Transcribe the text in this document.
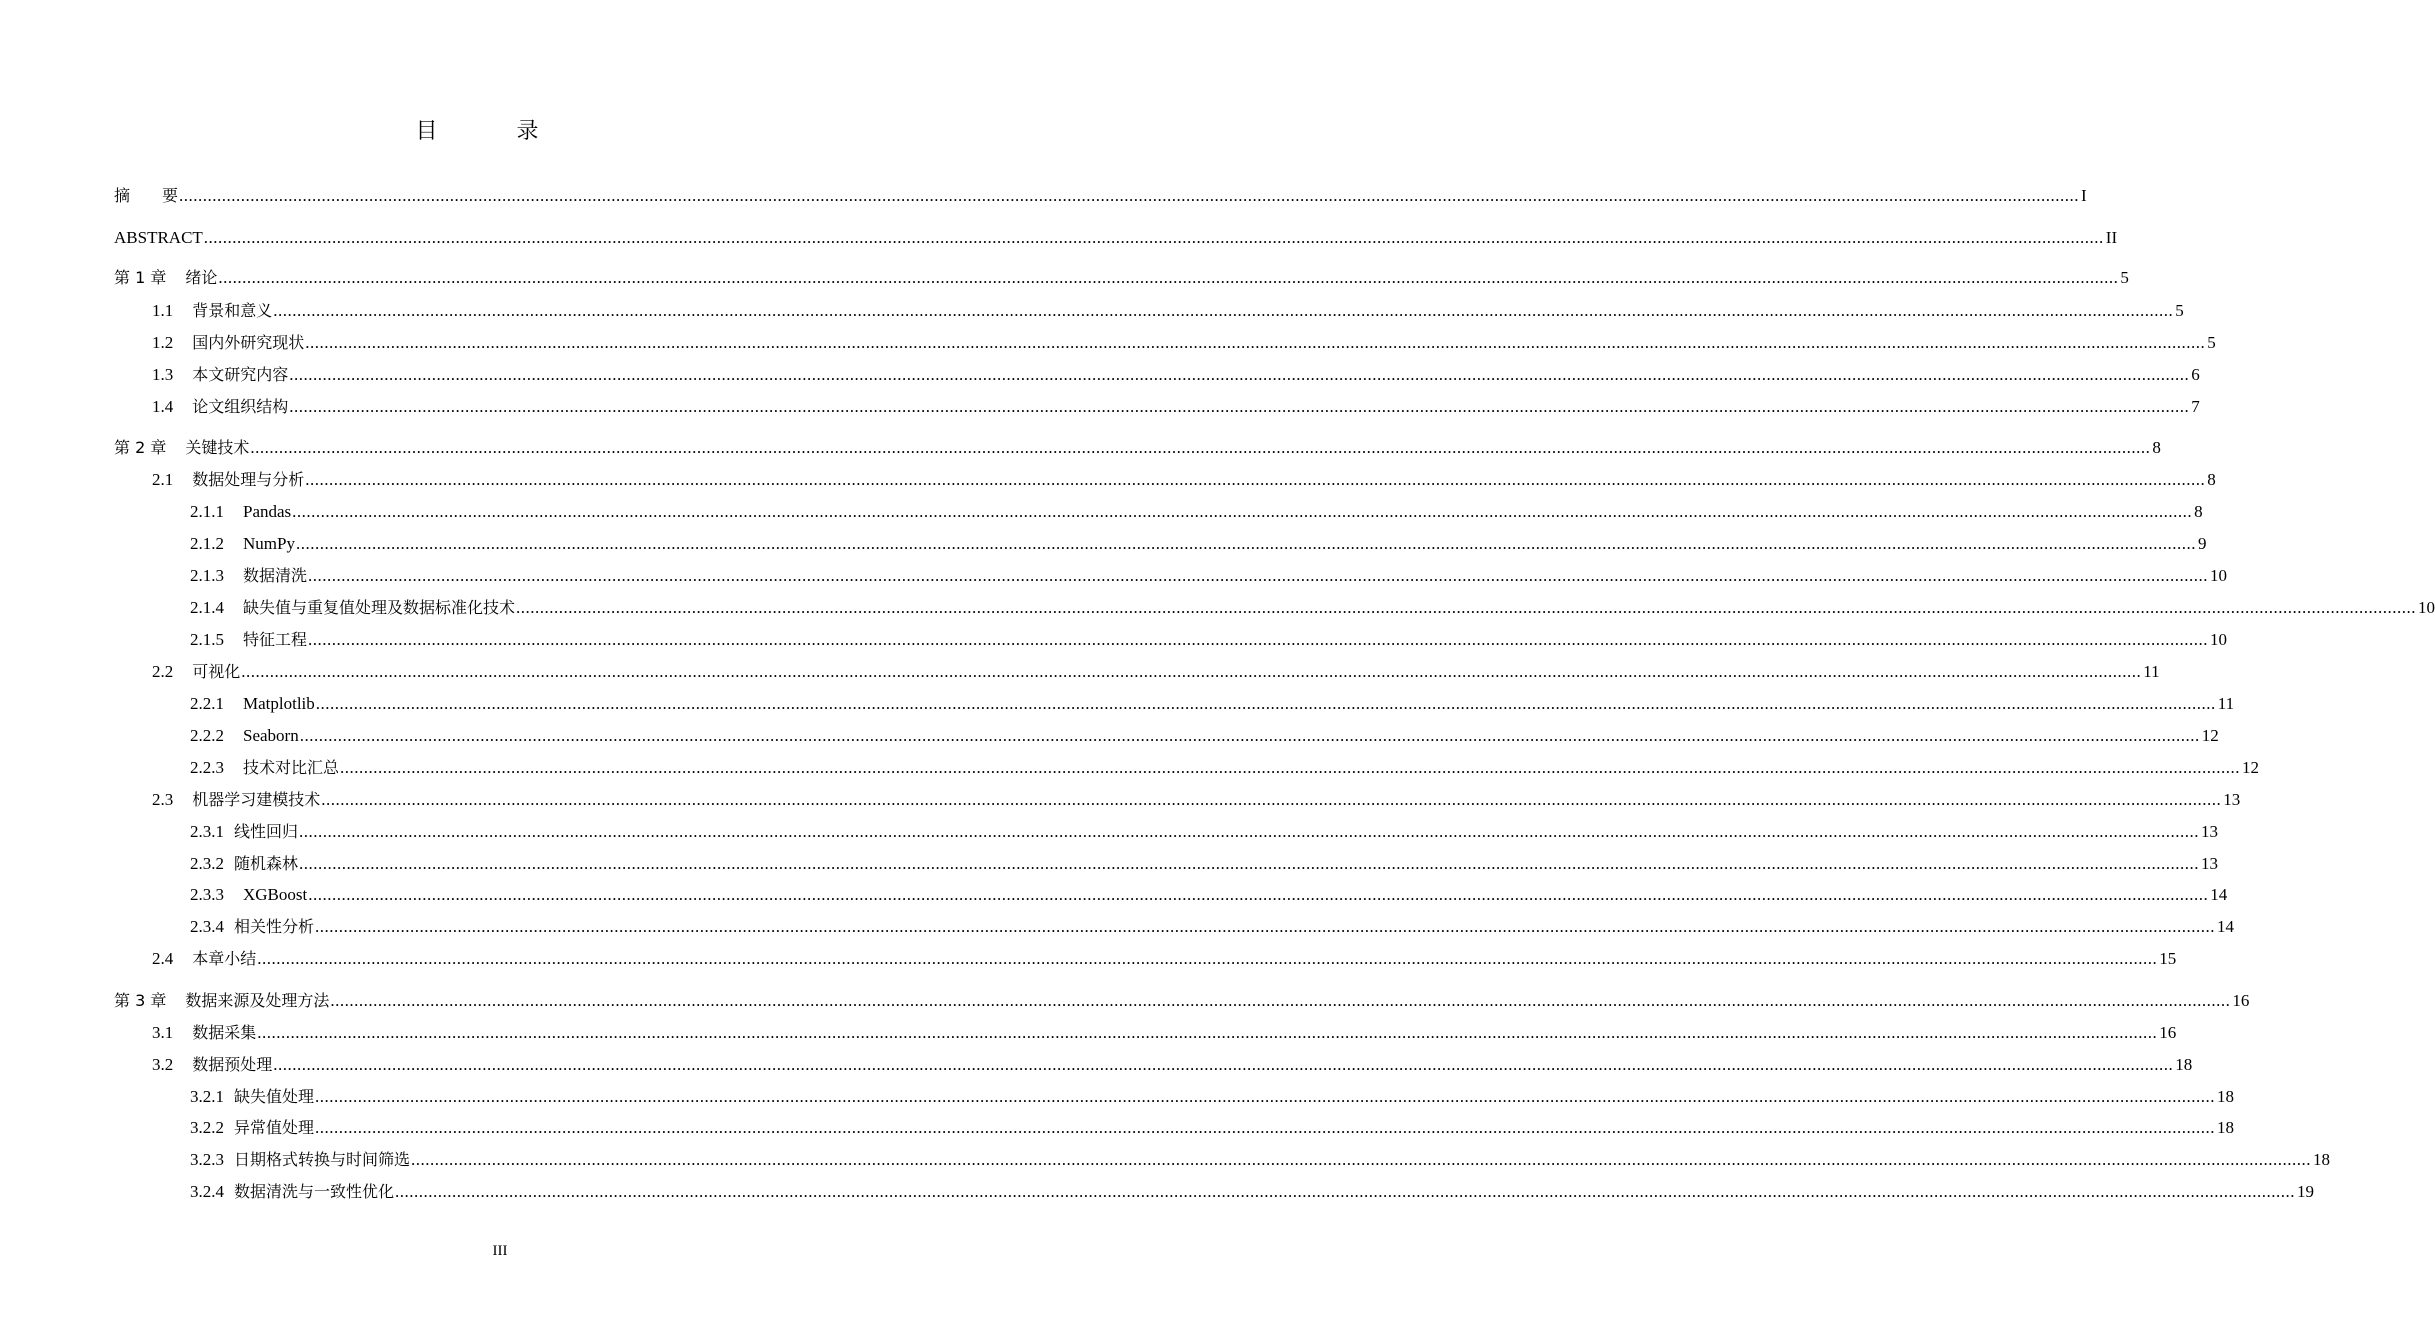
目 录
摘　　要 ................................................................................................................................................................................................................................................................................................................................................................................................................ I
ABSTRACT ................................................................................................................................................................................................................................................................................................................................................................................................................ II
第 1 章 绪论 ................................................................................................................................................................................................................................................................................................................................................................................................................ 5
1.1 背景和意义 ................................................................................................................................................................................................................................................................................................................................................................................................................ 5
1.2 国内外研究现状 ................................................................................................................................................................................................................................................................................................................................................................................................................ 5
1.3 本文研究内容 ................................................................................................................................................................................................................................................................................................................................................................................................................ 6
1.4 论文组织结构 ................................................................................................................................................................................................................................................................................................................................................................................................................ 7
第 2 章 关键技术 ................................................................................................................................................................................................................................................................................................................................................................................................................ 8
2.1 数据处理与分析 ................................................................................................................................................................................................................................................................................................................................................................................................................ 8
2.1.1 Pandas ................................................................................................................................................................................................................................................................................................................................................................................................................ 8
2.1.2 NumPy ................................................................................................................................................................................................................................................................................................................................................................................................................ 9
2.1.3 数据清洗 ................................................................................................................................................................................................................................................................................................................................................................................................................ 10
2.1.4 缺失值与重复值处理及数据标准化技术 ................................................................................................................................................................................................................................................................................................................................................................................................................ 10
2.1.5 特征工程 ................................................................................................................................................................................................................................................................................................................................................................................................................ 10
2.2 可视化 ................................................................................................................................................................................................................................................................................................................................................................................................................ 11
2.2.1 Matplotlib ................................................................................................................................................................................................................................................................................................................................................................................................................ 11
2.2.2 Seaborn ................................................................................................................................................................................................................................................................................................................................................................................................................ 12
2.2.3 技术对比汇总 ................................................................................................................................................................................................................................................................................................................................................................................................................ 12
2.3 机器学习建模技术 ................................................................................................................................................................................................................................................................................................................................................................................................................ 13
2.3.1 线性回归 ................................................................................................................................................................................................................................................................................................................................................................................................................ 13
2.3.2 随机森林 ................................................................................................................................................................................................................................................................................................................................................................................................................ 13
2.3.3 XGBoost ................................................................................................................................................................................................................................................................................................................................................................................................................ 14
2.3.4 相关性分析 ................................................................................................................................................................................................................................................................................................................................................................................................................ 14
2.4 本章小结 ................................................................................................................................................................................................................................................................................................................................................................................................................ 15
第 3 章 数据来源及处理方法 ................................................................................................................................................................................................................................................................................................................................................................................................................ 16
3.1 数据采集 ................................................................................................................................................................................................................................................................................................................................................................................................................ 16
3.2 数据预处理 ................................................................................................................................................................................................................................................................................................................................................................................................................ 18
3.2.1 缺失值处理 ................................................................................................................................................................................................................................................................................................................................................................................................................ 18
3.2.2 异常值处理 ................................................................................................................................................................................................................................................................................................................................................................................................................ 18
3.2.3 日期格式转换与时间筛选 ................................................................................................................................................................................................................................................................................................................................................................................................................ 18
3.2.4 数据清洗与一致性优化 ................................................................................................................................................................................................................................................................................................................................................................................................................ 19
III
